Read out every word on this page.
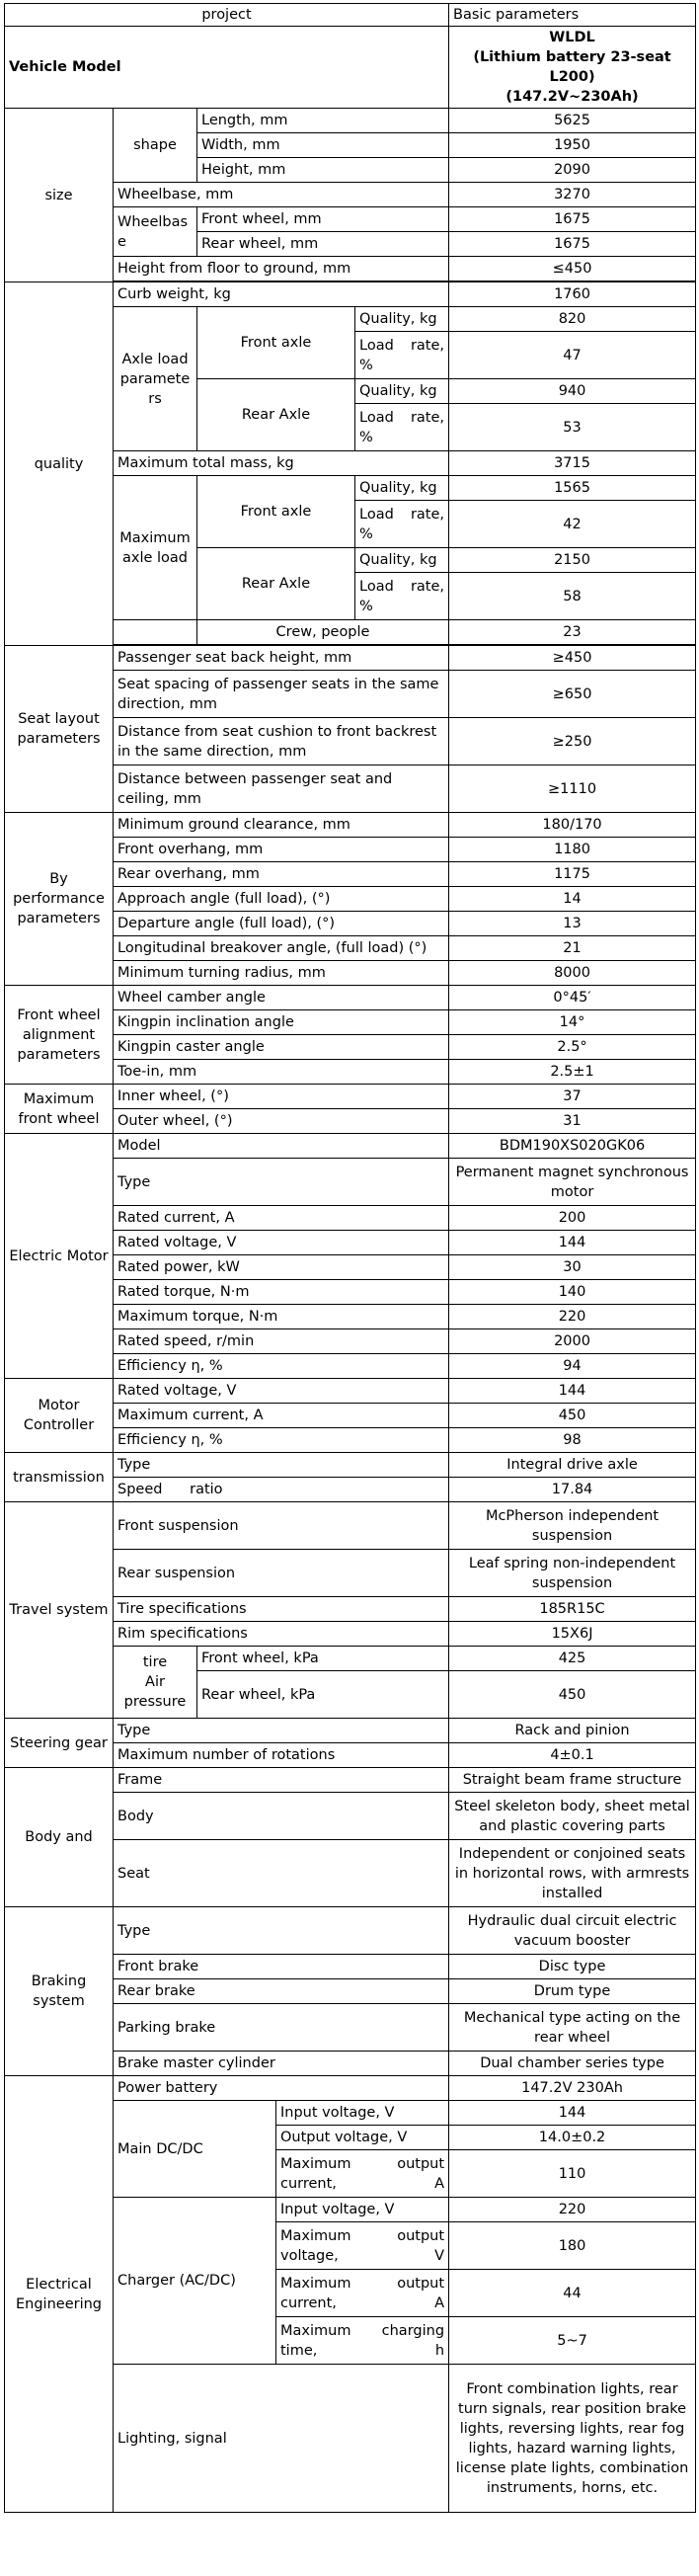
project					Basic parameters
Vehicle Model					WLDL
(Lithium battery 23-seat L200)
(147.2V~230Ah)

size	shape	Length, mm			5625
		Width, mm			1950
		Height, mm			2090
	Wheelbase, mm				3270
	Wheelbase	Front wheel, mm			1675
		Rear wheel, mm			1675
	Height from floor to ground, mm				≤450

quality	Curb weight, kg				1760
	Axle load parameters	Front axle		Quality, kg	820
				Load rate, %	47
		Rear Axle		Quality, kg	940
				Load rate, %	53
	Maximum total mass, kg				3715
	Maximum axle load	Front axle		Quality, kg	1565
				Load rate, %	42
		Rear Axle		Quality, kg	2150
				Load rate, %	58
		Crew, people			23

Seat layout parameters	Passenger seat back height, mm				≥450
	Seat spacing of passenger seats in the same direction, mm				≥650
	Distance from seat cushion to front backrest in the same direction, mm				≥250
	Distance between passenger seat and ceiling, mm				≥1110
By performance parameters	Minimum ground clearance, mm				180/170
	Front overhang, mm				1180
	Rear overhang, mm				1175
	Approach angle (full load), (°)				14
	Departure angle (full load), (°)				13
	Longitudinal breakover angle, (full load) (°)				21
	Minimum turning radius, mm				8000
Front wheel alignment parameters	Wheel camber angle				0°45′
	Kingpin inclination angle				14°
	Kingpin caster angle				2.5°
	Toe-in, mm				2.5±1
Maximum front wheel	Inner wheel, (°)				37
	Outer wheel, (°)				31
Electric Motor	Model				BDM190XS020GK06
	Type				Permanent magnet synchronous motor
	Rated current, A				200
	Rated voltage, V				144
	Rated power, kW				30
	Rated torque, N·m				140
	Maximum torque, N·m				220
	Rated speed, r/min				2000
	Efficiency η, %				94
Motor Controller	Rated voltage, V				144
	Maximum current, A				450
	Efficiency η, %				98
transmission	Type				Integral drive axle
	Speed      ratio				17.84
Travel system	Front suspension				McPherson independent suspension
	Rear suspension				Leaf spring non-independent suspension
	Tire specifications				185R15C
	Rim specifications				15X6J

	tire
Air pressure	Front wheel, kPa			425
		Rear wheel, kPa			450
Steering gear	Type				Rack and pinion
	Maximum number of rotations				4±0.1
Body and	Frame				Straight beam frame structure
	Body				Steel skeleton body, sheet metal and plastic covering parts
	Seat				Independent or conjoined seats in horizontal rows, with armrests installed
Braking system	Type				Hydraulic dual circuit electric vacuum booster
	Front brake				Disc type
	Rear brake				Drum type
	Parking brake				Mechanical type acting on the rear wheel
	Brake master cylinder				Dual chamber series type
Electrical Engineering	Power battery				147.2V 230Ah
	Main DC/DC		Input voltage, V		144
			Output voltage, V		14.0±0.2
			Maximum output current, A		110
	Charger (AC/DC)		Input voltage, V		220
			Maximum output voltage, V		180
			Maximum output current, A		44
			Maximum charging time, h		5~7
	Lighting, signal				Front combination lights, rear turn signals, rear position brake lights, reversing lights, rear fog lights, hazard warning lights, license plate lights, combination instruments, horns, etc.
